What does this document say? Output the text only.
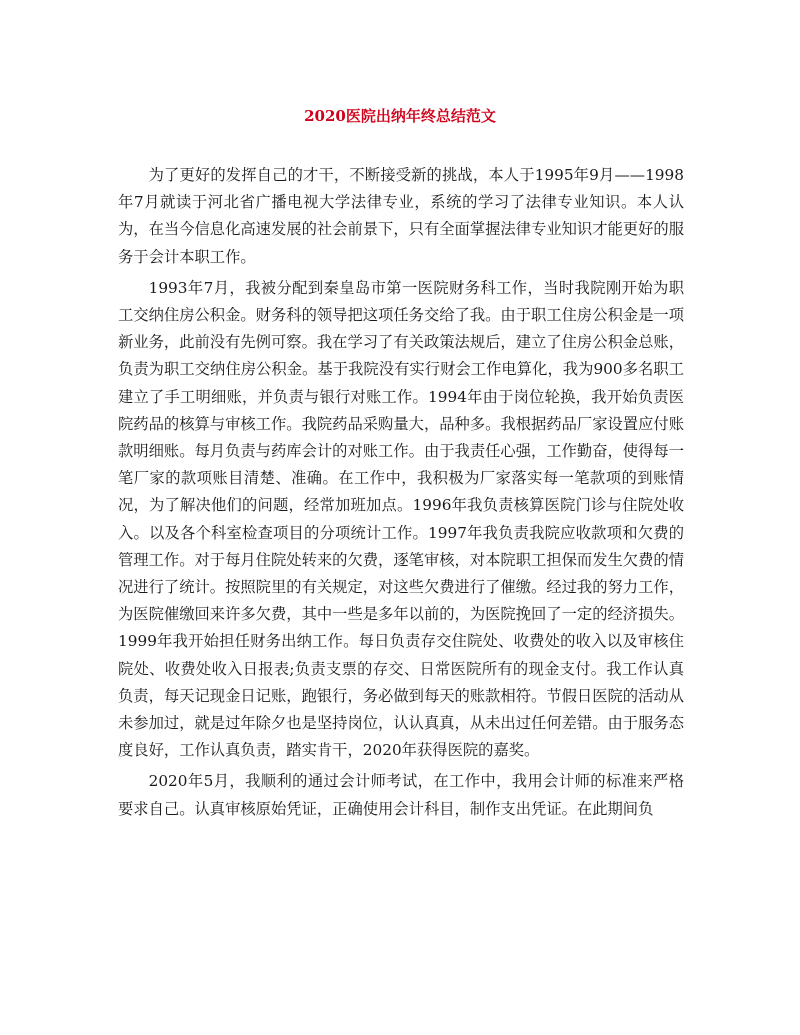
2020医院出纳年终总结范文

为了更好的发挥自己的才干，不断接受新的挑战，本人于1995年9月——1998年7月就读于河北省广播电视大学法律专业，系统的学习了法律专业知识。本人认为，在当今信息化高速发展的社会前景下，只有全面掌握法律专业知识才能更好的服务于会计本职工作。

1993年7月，我被分配到秦皇岛市第一医院财务科工作，当时我院刚开始为职工交纳住房公积金。财务科的领导把这项任务交给了我。由于职工住房公积金是一项新业务，此前没有先例可察。我在学习了有关政策法规后，建立了住房公积金总账，负责为职工交纳住房公积金。基于我院没有实行财会工作电算化，我为900多名职工建立了手工明细账，并负责与银行对账工作。1994年由于岗位轮换，我开始负责医院药品的核算与审核工作。我院药品采购量大，品种多。我根据药品厂家设置应付账款明细账。每月负责与药库会计的对账工作。由于我责任心强，工作勤奋，使得每一笔厂家的款项账目清楚、准确。在工作中，我积极为厂家落实每一笔款项的到账情况，为了解决他们的问题，经常加班加点。1996年我负责核算医院门诊与住院处收入。以及各个科室检查项目的分项统计工作。1997年我负责我院应收款项和欠费的管理工作。对于每月住院处转来的欠费，逐笔审核，对本院职工担保而发生欠费的情况进行了统计。按照院里的有关规定，对这些欠费进行了催缴。经过我的努力工作，为医院催缴回来许多欠费，其中一些是多年以前的，为医院挽回了一定的经济损失。1999年我开始担任财务出纳工作。每日负责存交住院处、收费处的收入以及审核住院处、收费处收入日报表;负责支票的存交、日常医院所有的现金支付。我工作认真负责，每天记现金日记账，跑银行，务必做到每天的账款相符。节假日医院的活动从未参加过，就是过年除夕也是坚持岗位，认认真真，从未出过任何差错。由于服务态度良好，工作认真负责，踏实肯干，2020年获得医院的嘉奖。

2020年5月，我顺利的通过会计师考试，在工作中，我用会计师的标准来严格要求自己。认真审核原始凭证，正确使用会计科目，制作支出凭证。在此期间负
